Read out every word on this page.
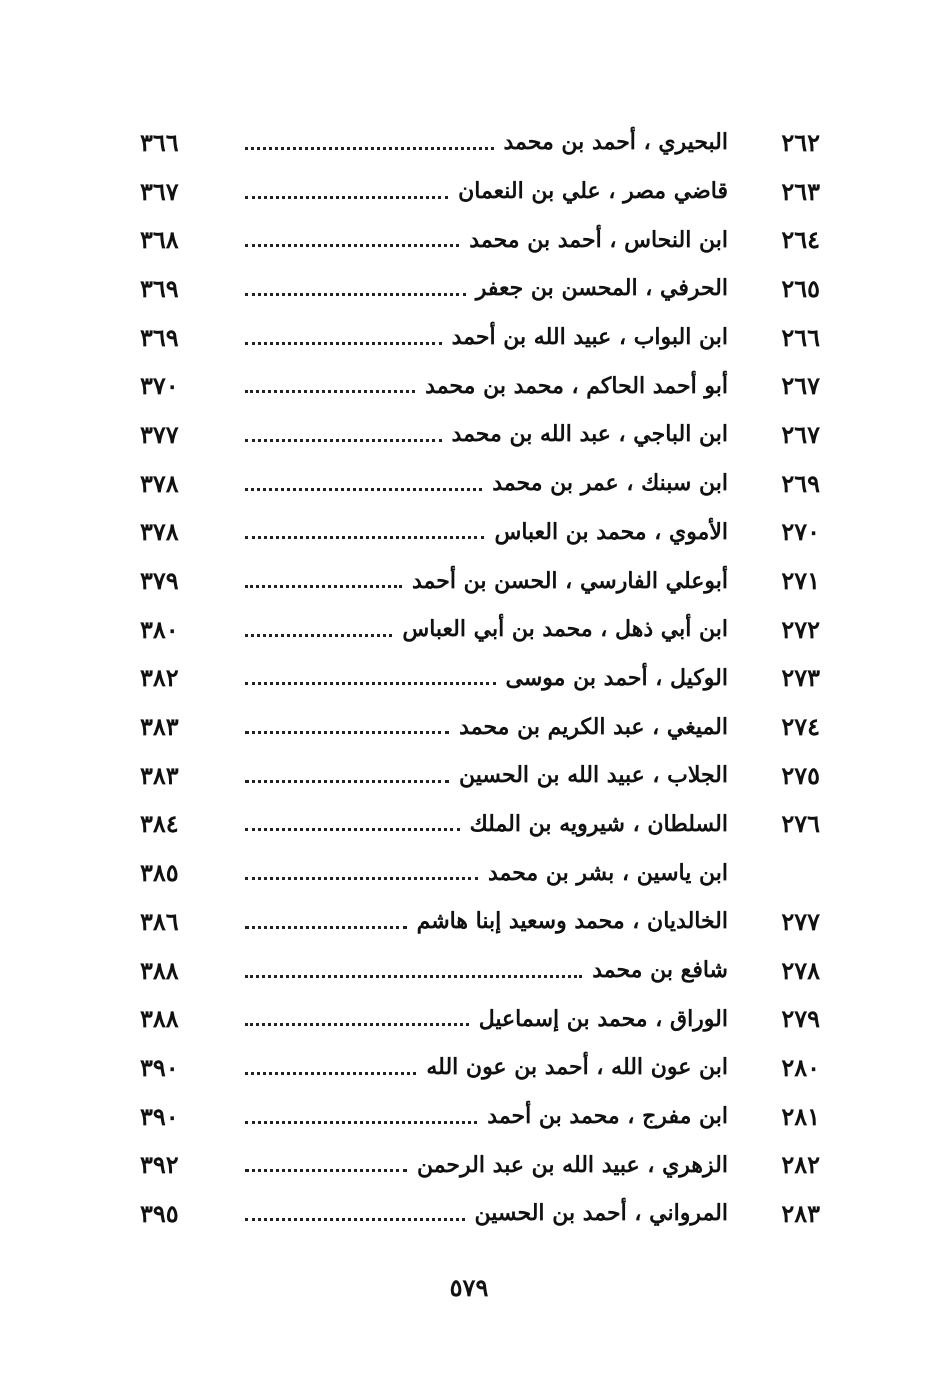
٢٦٢
البحيري ، أحمد بن محمد
٣٦٦
٢٦٣
قاضي مصر ، علي بن النعمان
٣٦٧
٢٦٤
ابن النحاس ، أحمد بن محمد
٣٦٨
٢٦٥
الحرفي ، المحسن بن جعفر
٣٦٩
٢٦٦
ابن البواب ، عبيد الله بن أحمد
٣٦٩
٢٦٧
أبو أحمد الحاكم ، محمد بن محمد
٣٧٠
٢٦٧
ابن الباجي ، عبد الله بن محمد
٣٧٧
٢٦٩
ابن سبنك ، عمر بن محمد
٣٧٨
٢٧٠
الأموي ، محمد بن العباس
٣٧٨
٢٧١
أبوعلي الفارسي ، الحسن بن أحمد
٣٧٩
٢٧٢
ابن أبي ذهل ، محمد بن أبي العباس
٣٨٠
٢٧٣
الوكيل ، أحمد بن موسى
٣٨٢
٢٧٤
الميغي ، عبد الكريم بن محمد
٣٨٣
٢٧٥
الجلاب ، عبيد الله بن الحسين
٣٨٣
٢٧٦
السلطان ، شيرويه بن الملك
٣٨٤
ابن ياسين ، بشر بن محمد
٣٨٥
٢٧٧
الخالديان ، محمد وسعيد إبنا هاشم
٣٨٦
٢٧٨
شافع بن محمد
٣٨٨
٢٧٩
الوراق ، محمد بن إسماعيل
٣٨٨
٢٨٠
ابن عون الله ، أحمد بن عون الله
٣٩٠
٢٨١
ابن مفرج ، محمد بن أحمد
٣٩٠
٢٨٢
الزهري ، عبيد الله بن عبد الرحمن
٣٩٢
٢٨٣
المرواني ، أحمد بن الحسين
٣٩٥
٥٧٩
